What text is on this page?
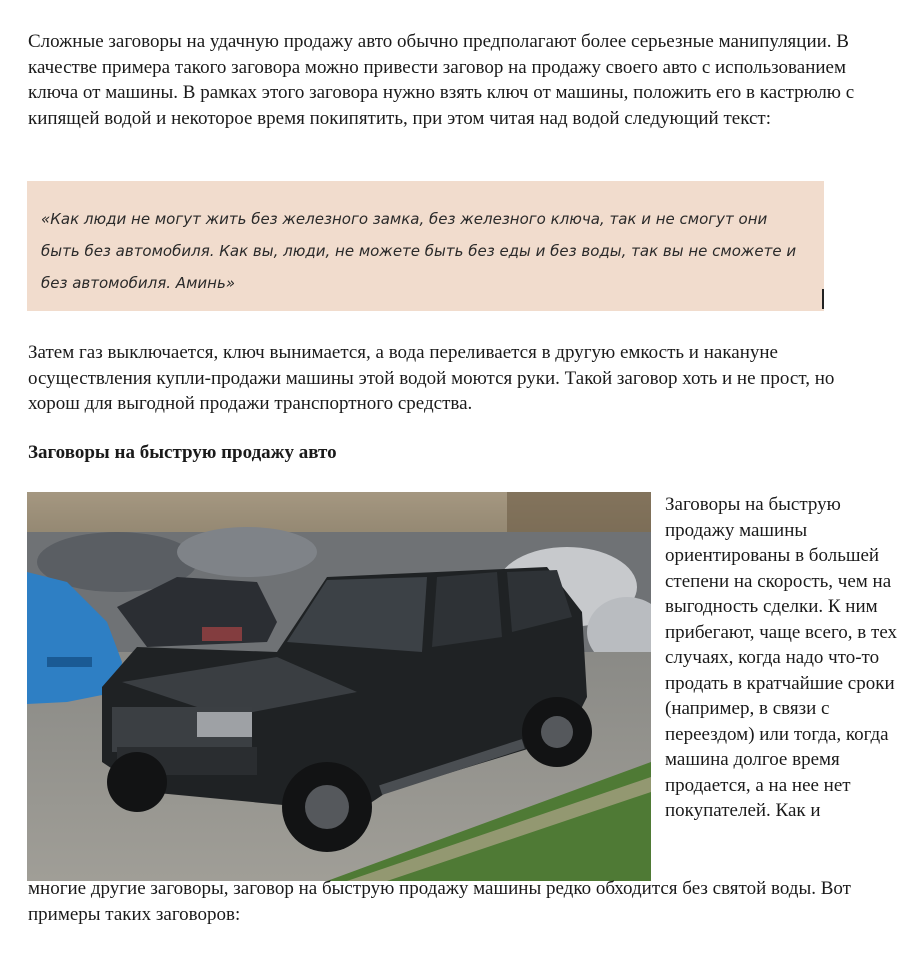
Сложные заговоры на удачную продажу авто обычно предполагают более серьезные манипуляции. В качестве примера такого заговора можно привести заговор на продажу своего авто с использованием ключа от машины. В рамках этого заговора нужно взять ключ от машины, положить его в кастрюлю с кипящей водой и некоторое время покипятить, при этом читая над водой следующий текст:

«Как люди не могут жить без железного замка, без железного ключа, так и не смогут они быть без автомобиля. Как вы, люди, не можете быть без еды и без воды, так вы не сможете и без автомобиля. Аминь»

Затем газ выключается, ключ вынимается, а вода переливается в другую емкость и накануне осуществления купли-продажи машины этой водой моются руки. Такой заговор хоть и не прост, но хорош для выгодной продажи транспортного средства.

Заговоры на быструю продажу авто

Заговоры на быструю продажу машины ориентированы в большей степени на скорость, чем на выгодность сделки. К ним прибегают, чаще всего, в тех случаях, когда надо что-то продать в кратчайшие сроки (например, в связи с переездом) или тогда, когда машина долгое время продается, а на нее нет покупателей. Как и

многие другие заговоры, заговор на быструю продажу машины редко обходится без святой воды. Вот примеры таких заговоров:
